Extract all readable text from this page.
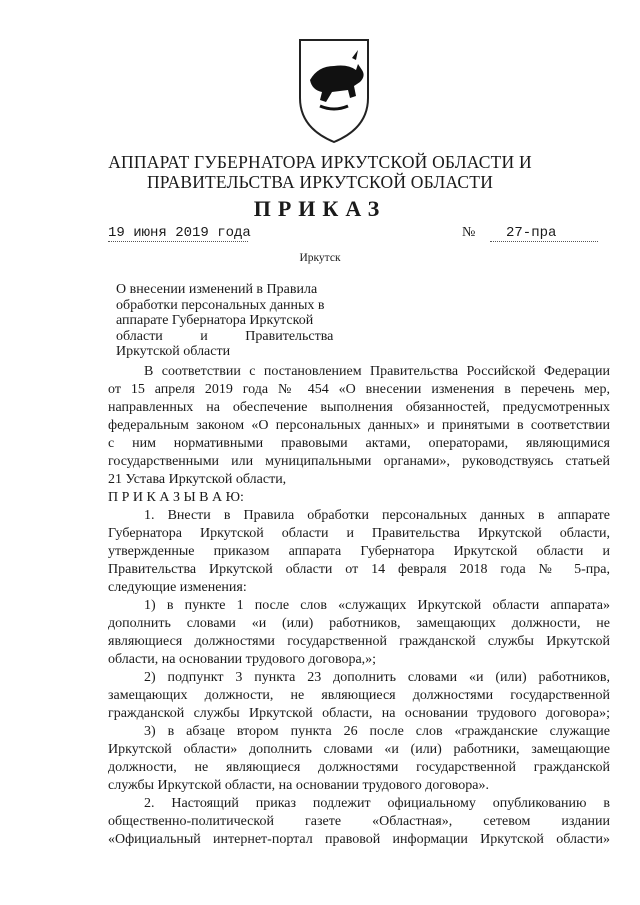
АППАРАТ ГУБЕРНАТОРА ИРКУТСКОЙ ОБЛАСТИ И
ПРАВИТЕЛЬСТВА ИРКУТСКОЙ ОБЛАСТИ
ПРИКАЗ
19 июня 2019 года	№ 27-пра
Иркутск
О внесении изменений в Правила
обработки персональных данных в
аппарате Губернатора Иркутской
области и Правительства
Иркутской области
В соответствии с постановлением Правительства Российской Федерации
от 15 апреля 2019 года № 454 «О внесении изменения в перечень мер,
направленных на обеспечение выполнения обязанностей, предусмотренных
федеральным законом «О персональных данных» и принятыми в соответствии
с ним нормативными правовыми актами, операторами, являющимися
государственными или муниципальными органами», руководствуясь статьей
21 Устава Иркутской области,
П Р И К А З Ы В А Ю:
1. Внести в Правила обработки персональных данных в аппарате
Губернатора Иркутской области и Правительства Иркутской области,
утвержденные приказом аппарата Губернатора Иркутской области и
Правительства Иркутской области от 14 февраля 2018 года № 5-пра,
следующие изменения:
1) в пункте 1 после слов «служащих Иркутской области аппарата»
дополнить словами «и (или) работников, замещающих должности, не
являющиеся должностями государственной гражданской службы Иркутской
области, на основании трудового договора,»;
2) подпункт 3 пункта 23 дополнить словами «и (или) работников,
замещающих должности, не являющиеся должностями государственной
гражданской службы Иркутской области, на основании трудового договора»;
3) в абзаце втором пункта 26 после слов «гражданские служащие
Иркутской области» дополнить словами «и (или) работники, замещающие
должности, не являющиеся должностями государственной гражданской
службы Иркутской области, на основании трудового договора».
2. Настоящий приказ подлежит официальному опубликованию в
общественно-политической газете «Областная», сетевом издании
«Официальный интернет-портал правовой информации Иркутской области»
